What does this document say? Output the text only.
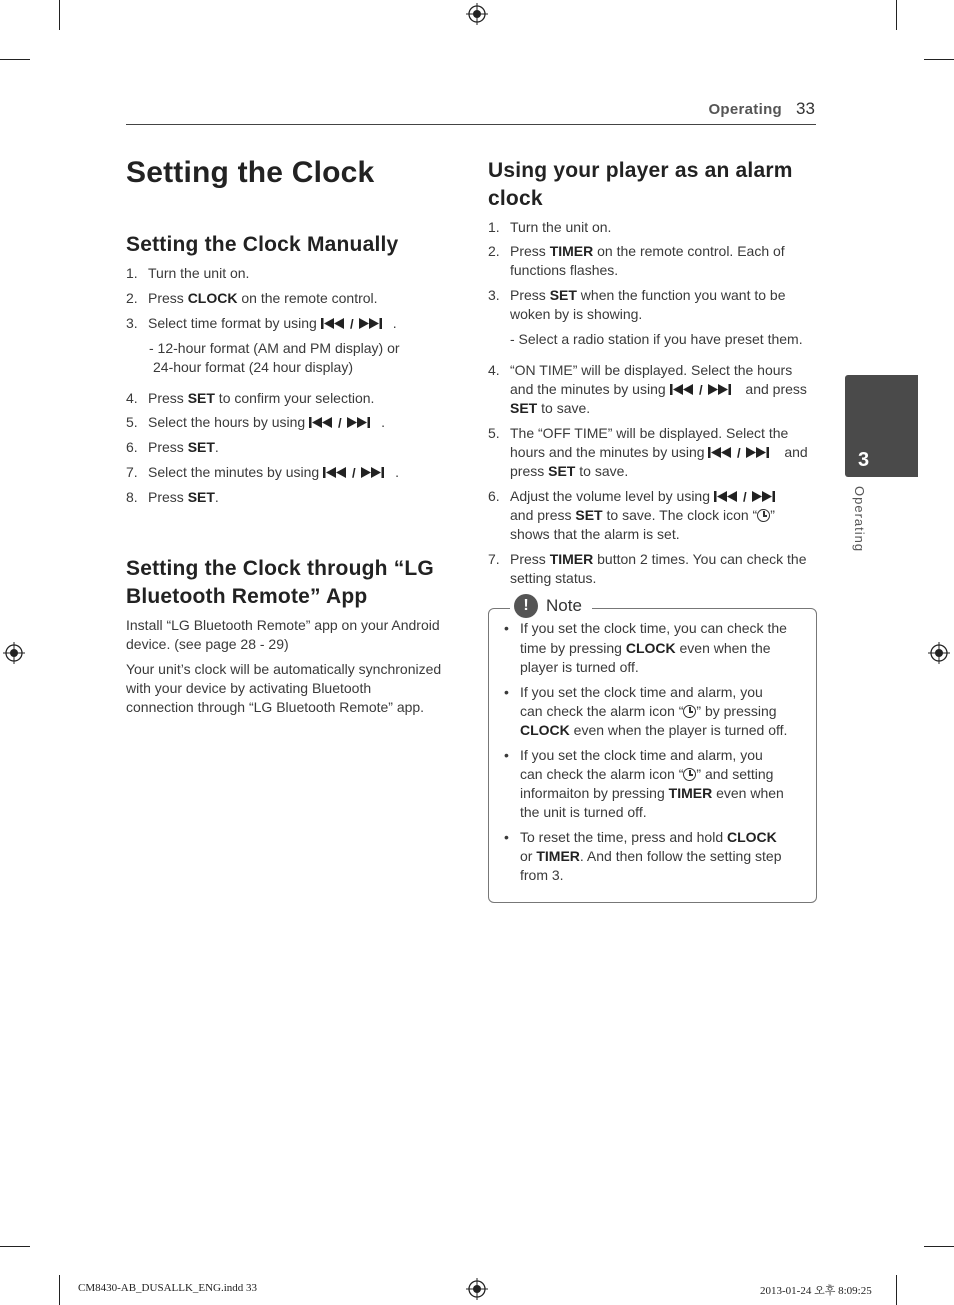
Operating 33
3
Operating
Setting the Clock
Setting the Clock Manually
1. Turn the unit on.
2. Press CLOCK on the remote control.
3. Select time format by using /	.
4. Press SET to confirm your selection.
5. Select the hours by using /	.
6. Press SET.
7. Select the minutes by using /	.
8. Press SET.
- 12-hour format (AM and PM display) or
24-hour format (24 hour display)
Setting the Clock through “LG
Bluetooth Remote” App
Install “LG Bluetooth Remote” app on your Android
device. (see page 28 - 29)
Your unit’s clock will be automatically synchronized
with your device by activating Bluetooth
connection through “LG Bluetooth Remote” app.
Using your player as an alarm
clock
1. Turn the unit on.
2. Press TIMER on the remote control. Each of
functions flashes.
3. Press SET when the function you want to be
woken by is showing.
- Select a radio station if you have preset them.
4. “ON TIME” will be displayed. Select the hours
and the minutes by using /	and press
SET to save.
5. The “OFF TIME” will be displayed. Select the
hours and the minutes by using /	and
press SET to save.
6. Adjust the volume level by using /
and press SET to save. The clock icon “ ”
shows that the alarm is set.
7. Press TIMER button 2 times. You can check the
setting status.
!	Note
• If you set the clock time, you can check the
time by pressing CLOCK even when the
player is turned off.
• If you set the clock time and alarm, you
can check the alarm icon “ ” by pressing
CLOCK even when the player is turned off.
• If you set the clock time and alarm, you
can check the alarm icon “ ” and setting
informaiton by pressing TIMER even when
the unit is turned off.
• To reset the time, press and hold CLOCK
or TIMER. And then follow the setting step
from 3.
CM8430-AB_DUSALLK_ENG.indd 33	2013-01-24 오후 8:09:25
